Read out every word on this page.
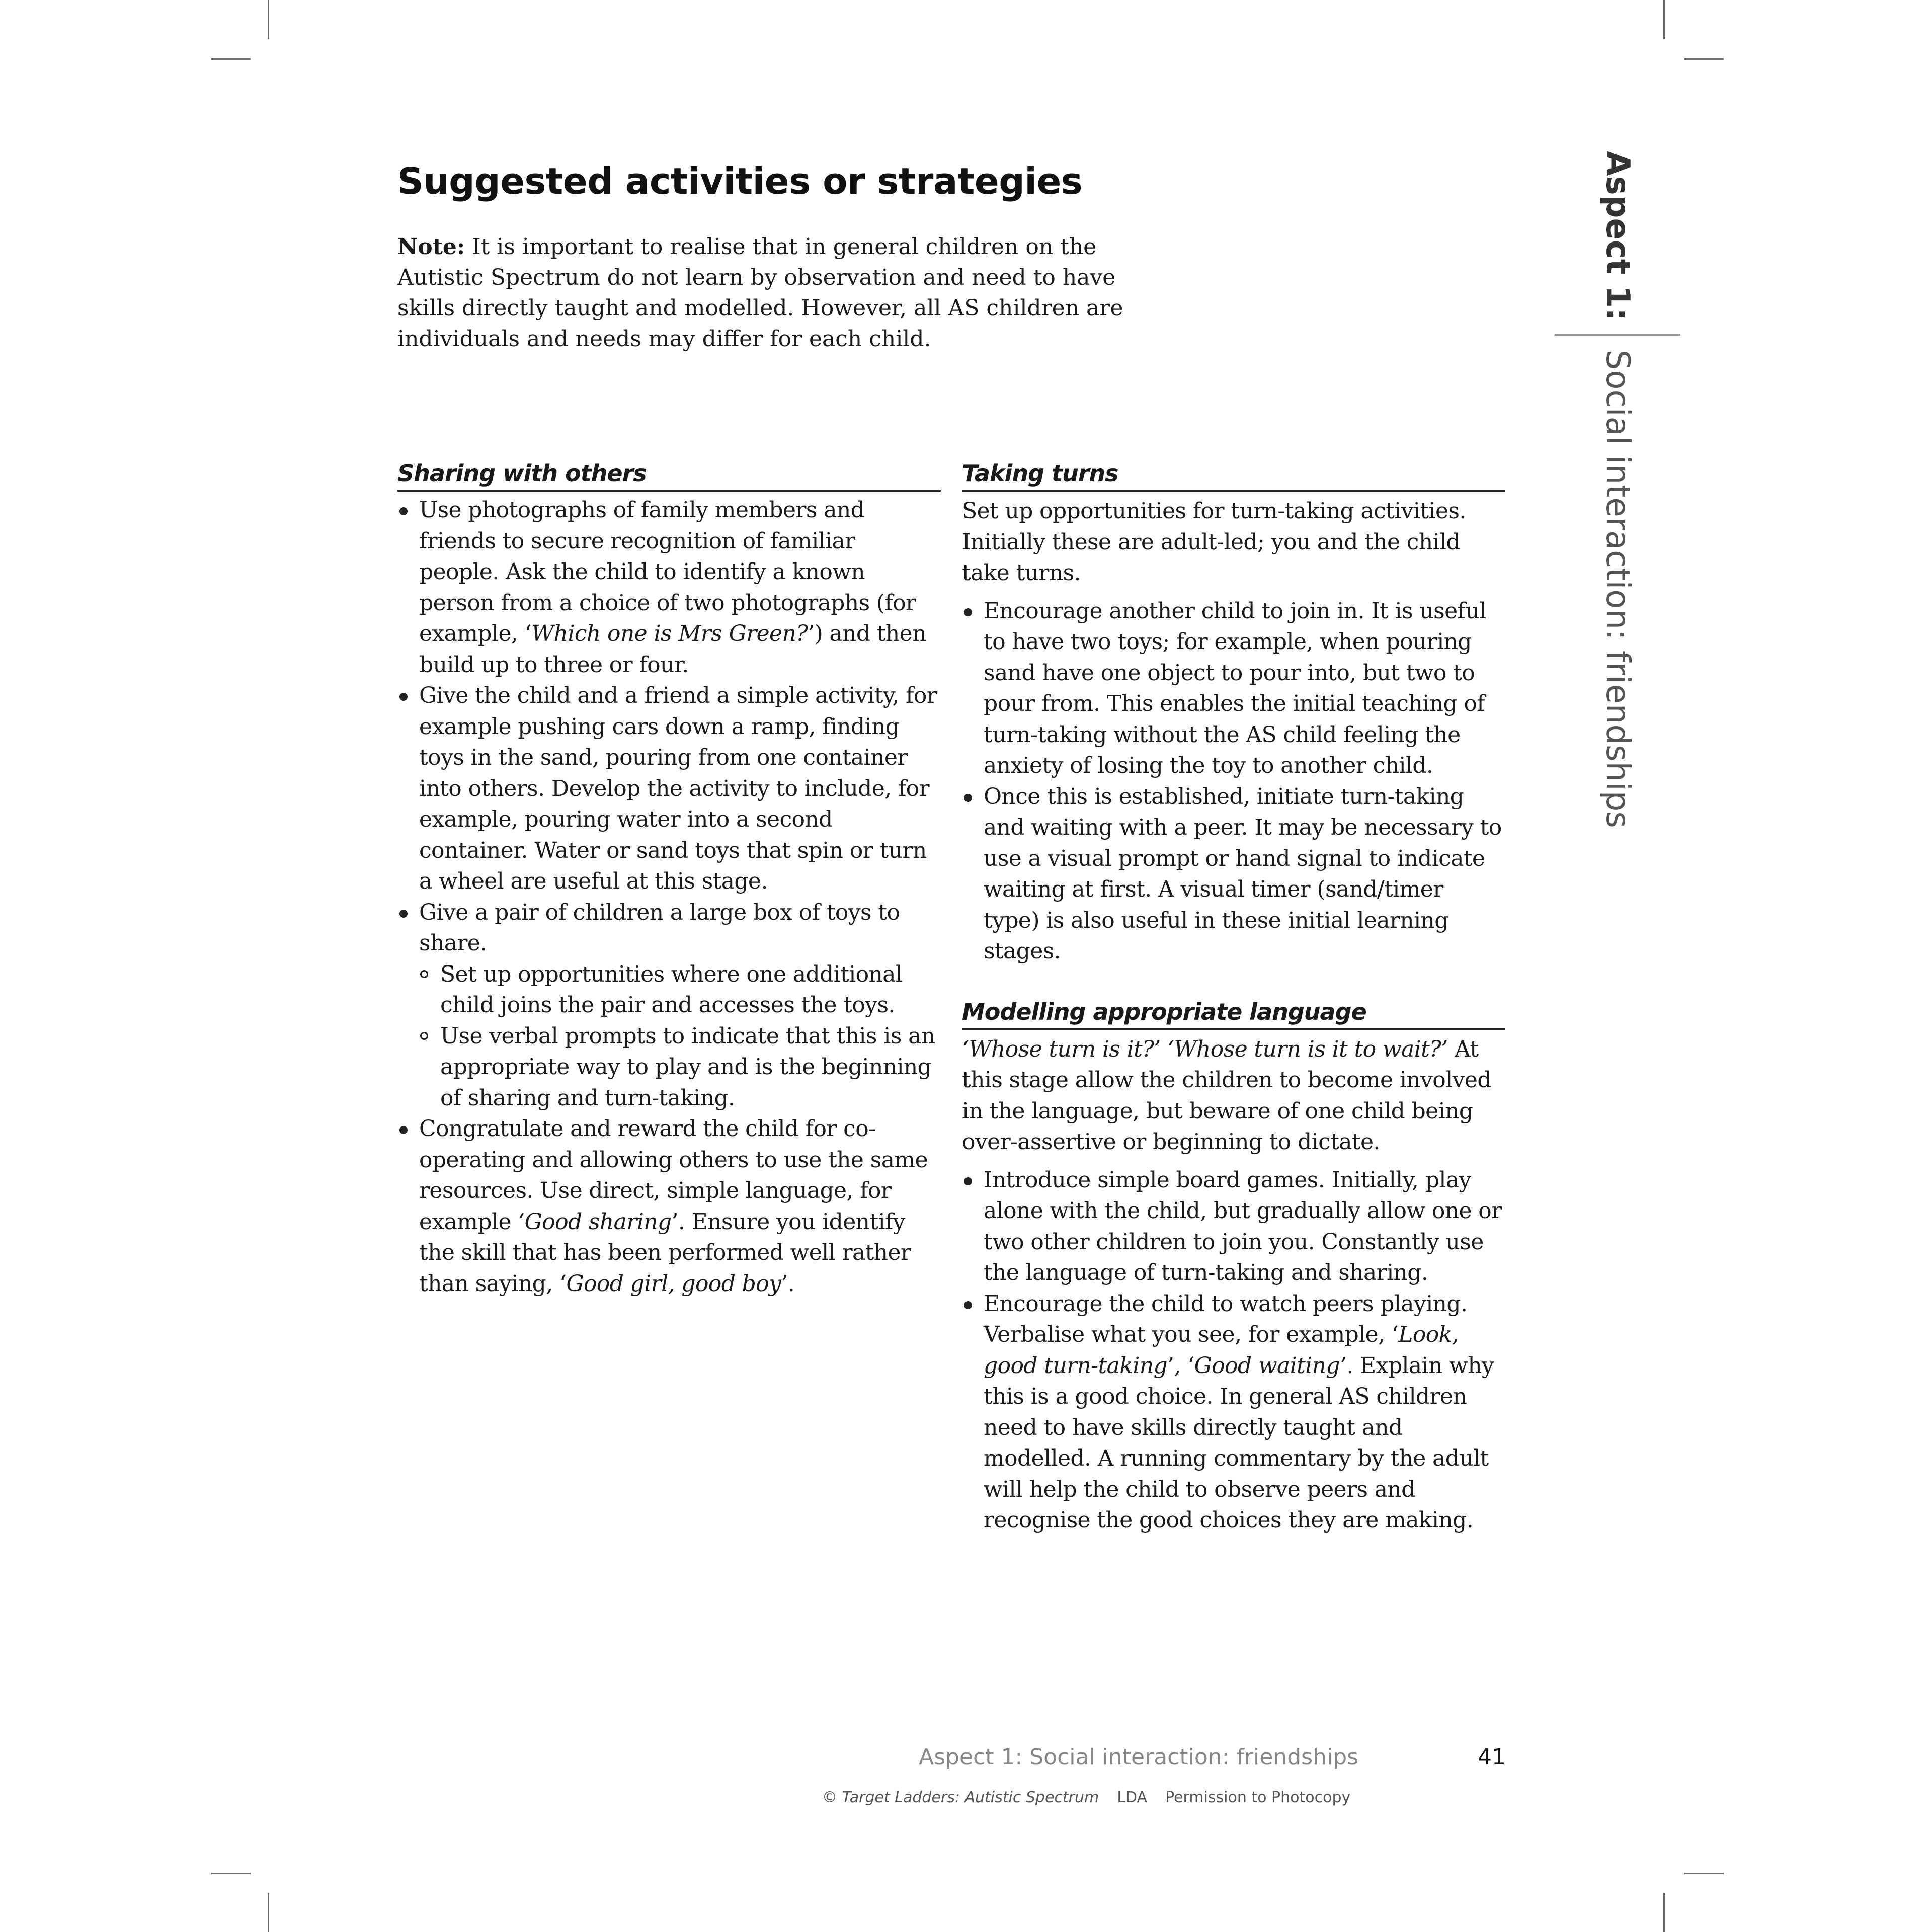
Suggested activities or strategies

Note: It is important to realise that in general children on the Autistic Spectrum do not learn by observation and need to have skills directly taught and modelled. However, all AS children are individuals and needs may differ for each child.

Sharing with others
Use photographs of family members and friends to secure recognition of familiar people. Ask the child to identify a known person from a choice of two photographs (for example, ‘Which one is Mrs Green?’) and then build up to three or four.
Give the child and a friend a simple activity, for example pushing cars down a ramp, finding toys in the sand, pouring from one container into others. Develop the activity to include, for example, pouring water into a second container. Water or sand toys that spin or turn a wheel are useful at this stage.
Give a pair of children a large box of toys to share.
Set up opportunities where one additional child joins the pair and accesses the toys.
Use verbal prompts to indicate that this is an appropriate way to play and is the beginning of sharing and turn-taking.
Congratulate and reward the child for co-operating and allowing others to use the same resources. Use direct, simple language, for example ‘Good sharing’. Ensure you identify the skill that has been performed well rather than saying, ‘Good girl, good boy’.
Taking turns

Set up opportunities for turn-taking activities. Initially these are adult-led; you and the child take turns.

Encourage another child to join in. It is useful to have two toys; for example, when pouring sand have one object to pour into, but two to pour from. This enables the initial teaching of turn-taking without the AS child feeling the anxiety of losing the toy to another child.
Once this is established, initiate turn-taking and waiting with a peer. It may be necessary to use a visual prompt or hand signal to indicate waiting at first. A visual timer (sand/timer type) is also useful in these initial learning stages.
Modelling appropriate language

‘Whose turn is it?’ ‘Whose turn is it to wait?’ At this stage allow the children to become involved in the language, but beware of one child being over-assertive or beginning to dictate.

Introduce simple board games. Initially, play alone with the child, but gradually allow one or two other children to join you. Constantly use the language of turn-taking and sharing.
Encourage the child to watch peers playing. Verbalise what you see, for example, ‘Look, good turn-taking’, ‘Good waiting’. Explain why this is a good choice. In general AS children need to have skills directly taught and modelled. A running commentary by the adult will help the child to observe peers and recognise the good choices they are making.
Aspect 1:
Social interaction: friendships
Aspect 1: Social interaction: friendships	41
© Target Ladders: Autistic Spectrum LDA Permission to Photocopy
